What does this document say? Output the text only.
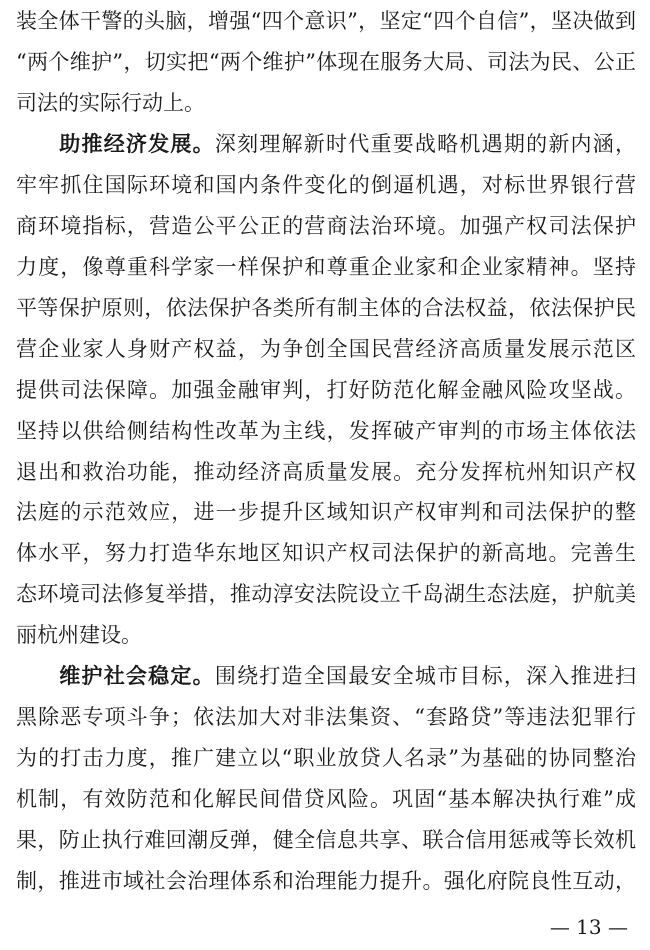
装全体干警的头脑，增强“四个意识”，坚定“四个自信”，坚决做到
“两个维护”，切实把“两个维护”体现在服务大局、司法为民、公正
司法的实际行动上。
助推经济发展。深刻理解新时代重要战略机遇期的新内涵，
牢牢抓住国际环境和国内条件变化的倒逼机遇，对标世界银行营
商环境指标，营造公平公正的营商法治环境。加强产权司法保护
力度，像尊重科学家一样保护和尊重企业家和企业家精神。坚持
平等保护原则，依法保护各类所有制主体的合法权益，依法保护民
营企业家人身财产权益，为争创全国民营经济高质量发展示范区
提供司法保障。加强金融审判，打好防范化解金融风险攻坚战。
坚持以供给侧结构性改革为主线，发挥破产审判的市场主体依法
退出和救治功能，推动经济高质量发展。充分发挥杭州知识产权
法庭的示范效应，进一步提升区域知识产权审判和司法保护的整
体水平，努力打造华东地区知识产权司法保护的新高地。完善生
态环境司法修复举措，推动淳安法院设立千岛湖生态法庭，护航美
丽杭州建设。
维护社会稳定。围绕打造全国最安全城市目标，深入推进扫
黑除恶专项斗争；依法加大对非法集资、“套路贷”等违法犯罪行
为的打击力度，推广建立以“职业放贷人名录”为基础的协同整治
机制，有效防范和化解民间借贷风险。巩固“基本解决执行难”成
果，防止执行难回潮反弹，健全信息共享、联合信用惩戒等长效机
制，推进市域社会治理体系和治理能力提升。强化府院良性互动，
— 13 —
